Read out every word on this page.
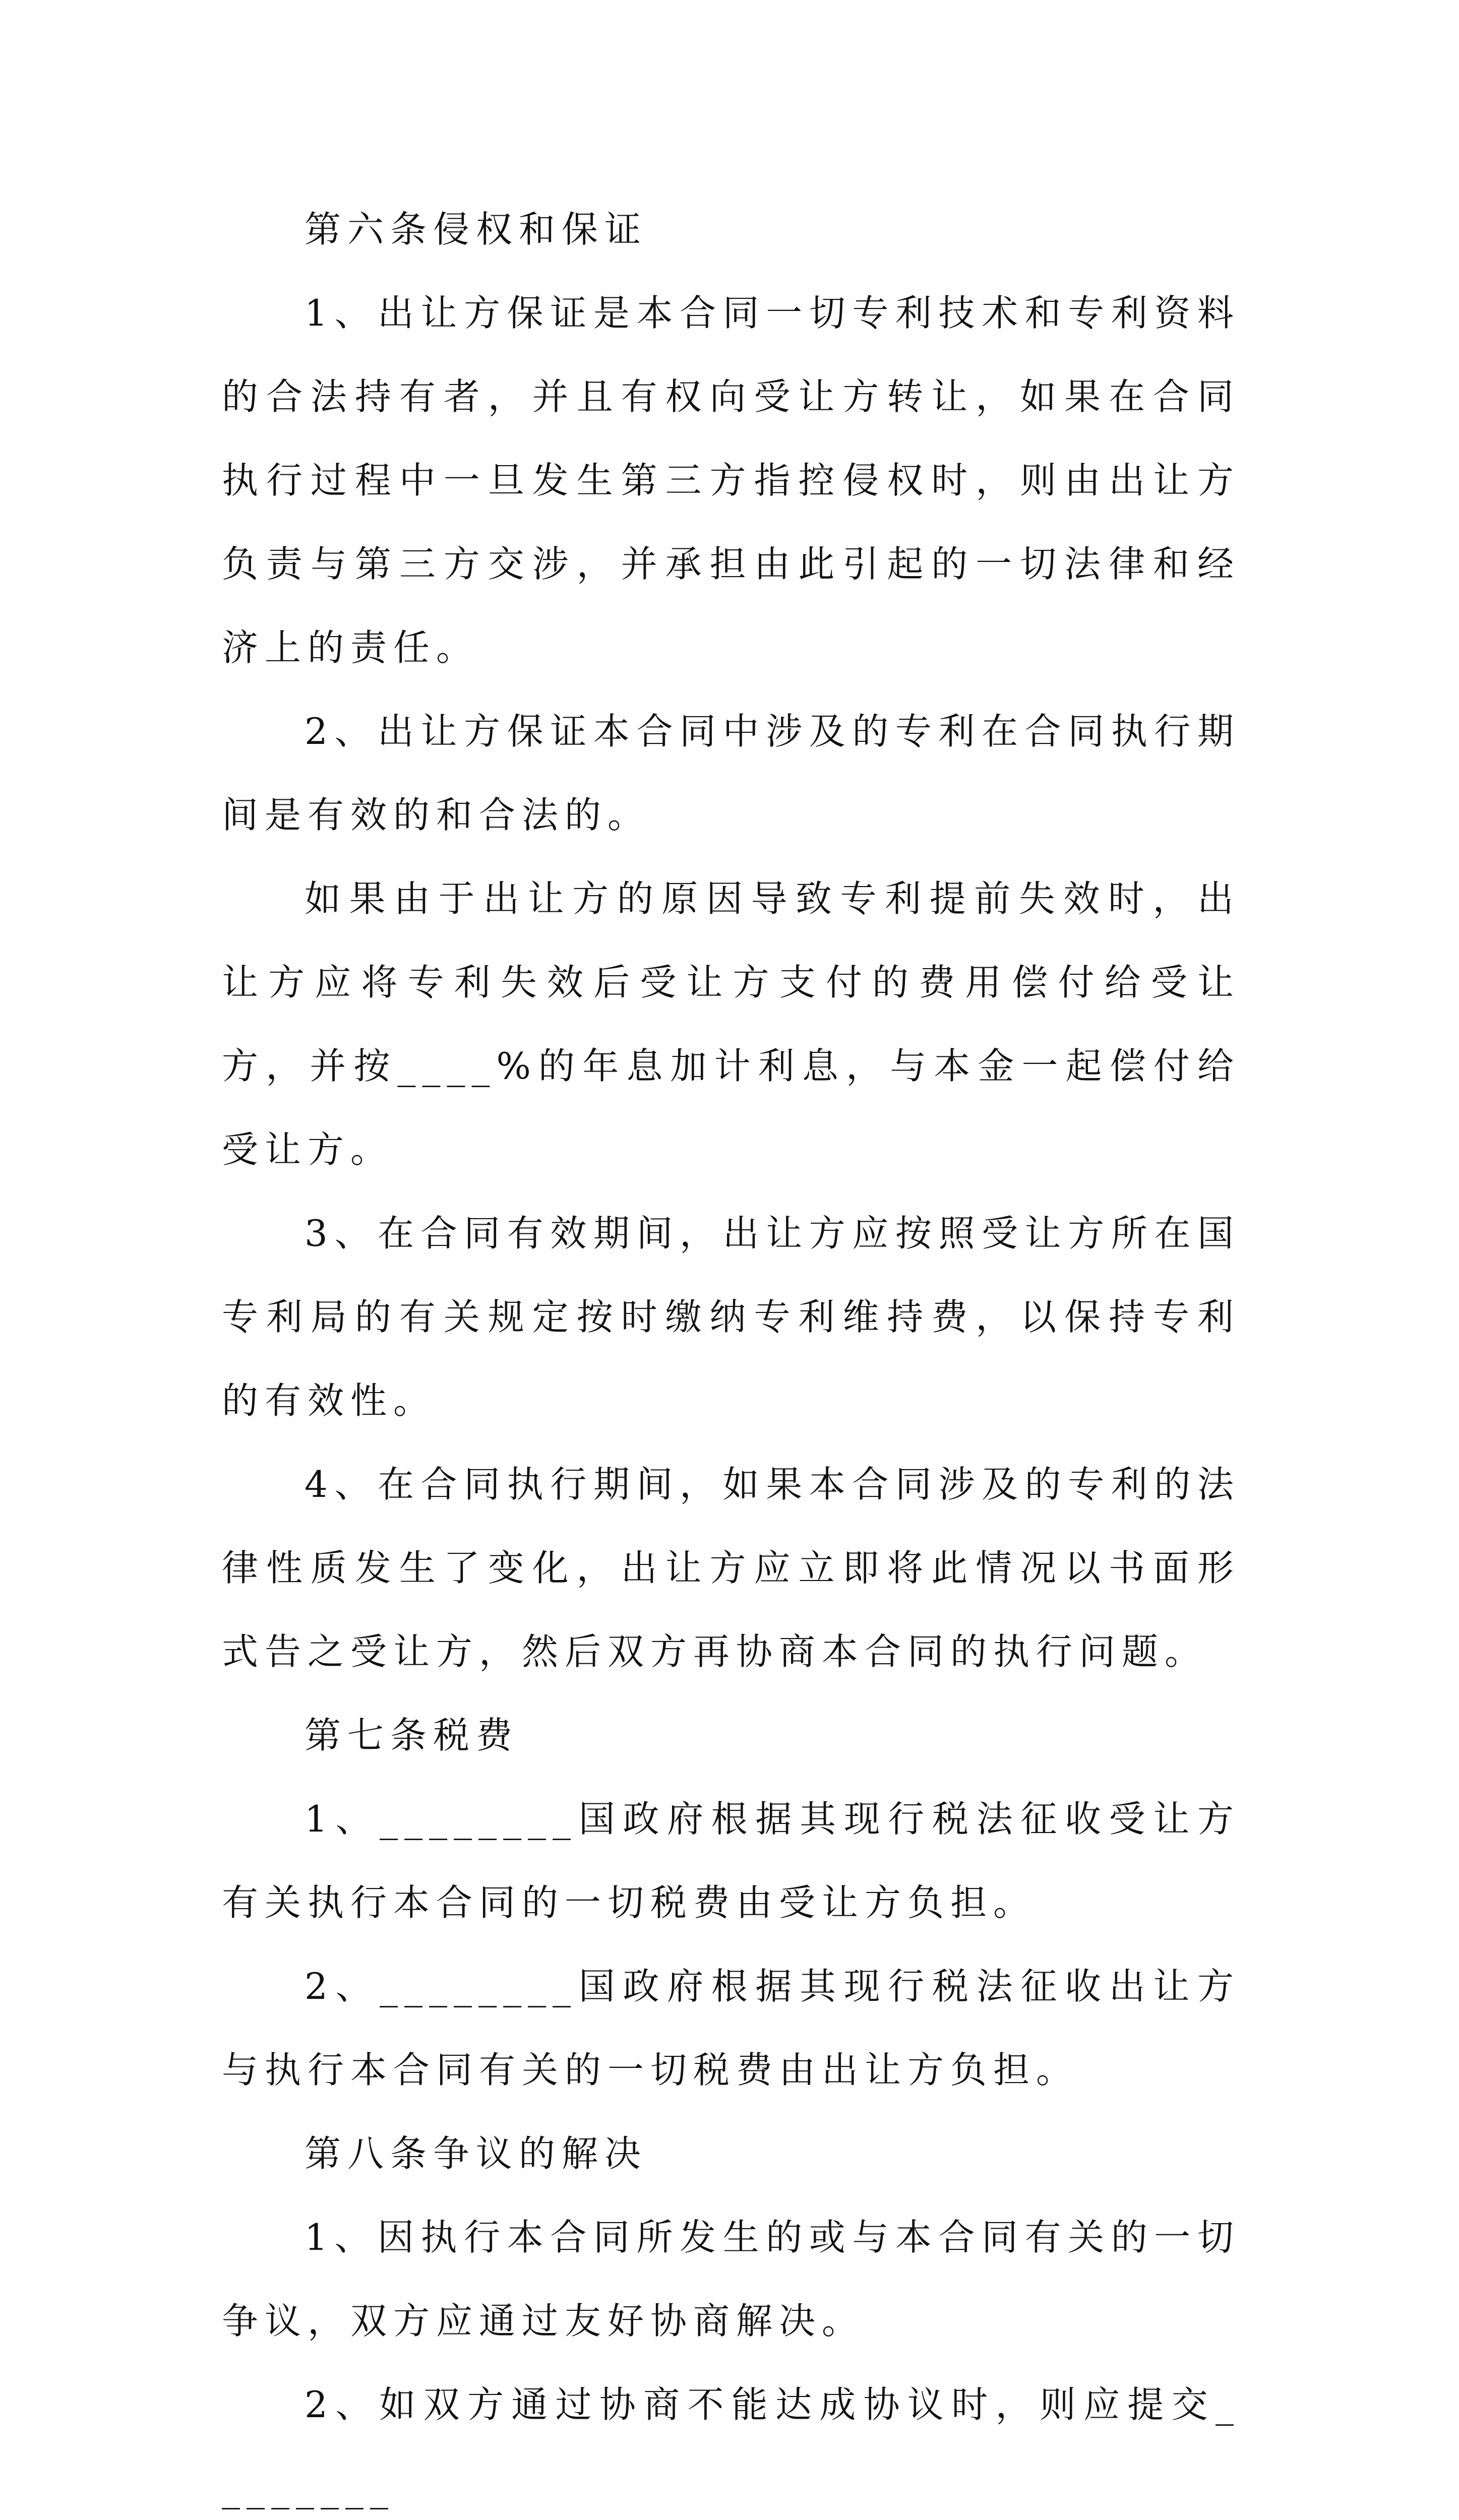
第六条侵权和保证

1、出让方保证是本合同一切专利技术和专利资料的合法持有者，并且有权向受让方转让，如果在合同执行过程中一旦发生第三方指控侵权时，则由出让方负责与第三方交涉，并承担由此引起的一切法律和经济上的责任。

2、出让方保证本合同中涉及的专利在合同执行期间是有效的和合法的。

如果由于出让方的原因导致专利提前失效时，出让方应将专利失效后受让方支付的费用偿付给受让方，并按____%的年息加计利息，与本金一起偿付给受让方。

3、在合同有效期间，出让方应按照受让方所在国专利局的有关规定按时缴纳专利维持费，以保持专利的有效性。

4、在合同执行期间，如果本合同涉及的专利的法律性质发生了变化，出让方应立即将此情况以书面形式告之受让方，然后双方再协商本合同的执行问题。

第七条税费

1、________国政府根据其现行税法征收受让方有关执行本合同的一切税费由受让方负担。

2、________国政府根据其现行税法征收出让方与执行本合同有关的一切税费由出让方负担。

第八条争议的解决

1、因执行本合同所发生的或与本合同有关的一切争议，双方应通过友好协商解决。

2、如双方通过协商不能达成协议时，则应提交________
